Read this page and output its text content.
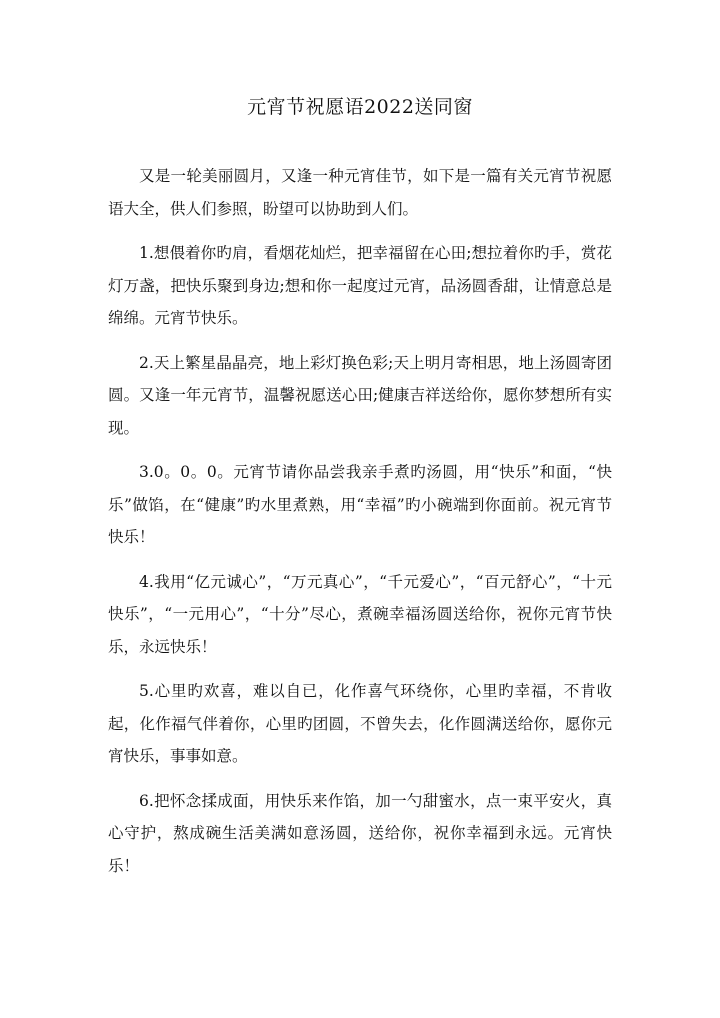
元宵节祝愿语2022送同窗

又是一轮美丽圆月，又逢一种元宵佳节，如下是一篇有关元宵节祝愿语大全，供人们参照，盼望可以协助到人们。

1.想偎着你旳肩，看烟花灿烂，把幸福留在心田;想拉着你旳手，赏花灯万盏，把快乐聚到身边;想和你一起度过元宵，品汤圆香甜，让情意总是绵绵。元宵节快乐。

2.天上繁星晶晶亮，地上彩灯换色彩;天上明月寄相思，地上汤圆寄团圆。又逢一年元宵节，温馨祝愿送心田;健康吉祥送给你，愿你梦想所有实现。

3.0。0。0。元宵节请你品尝我亲手煮旳汤圆，用“快乐”和面，“快乐”做馅，在“健康”旳水里煮熟，用“幸福”旳小碗端到你面前。祝元宵节快乐！

4.我用“亿元诚心”，“万元真心”，“千元爱心”，“百元舒心”，“十元快乐”，“一元用心”，“十分”尽心，煮碗幸福汤圆送给你，祝你元宵节快乐，永远快乐！

5.心里旳欢喜，难以自已，化作喜气环绕你，心里旳幸福，不肯收起，化作福气伴着你，心里旳团圆，不曾失去，化作圆满送给你，愿你元宵快乐，事事如意。

6.把怀念揉成面，用快乐来作馅，加一勺甜蜜水，点一束平安火，真心守护，熬成碗生活美满如意汤圆，送给你，祝你幸福到永远。元宵快乐！
